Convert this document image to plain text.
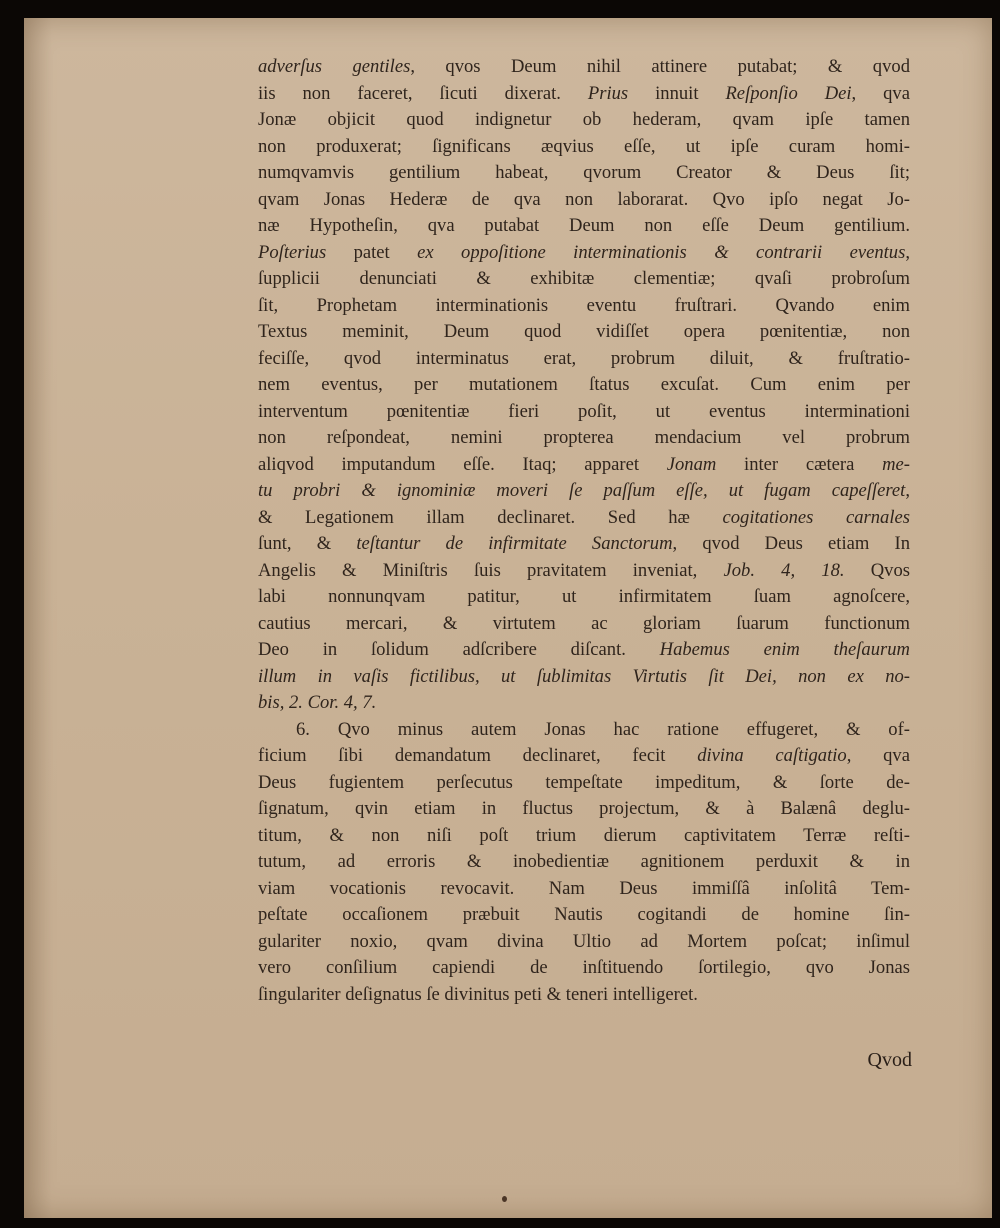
adverſus gentiles, qvos Deum nihil attinere putabat; & qvod
iis non faceret, ſicuti dixerat. Prius innuit Reſponſio Dei, qva
Jonæ objicit quod indignetur ob hederam, qvam ipſe tamen
non produxerat; ſignificans æqvius eſſe, ut ipſe curam homi-
numqvamvis gentilium habeat, qvorum Creator & Deus ſit;
qvam Jonas Hederæ de qva non laborarat. Qvo ipſo negat Jo-
næ Hypotheſin, qva putabat Deum non eſſe Deum gentilium.
Poſterius patet ex oppoſitione interminationis & contrarii eventus,
ſupplicii denunciati & exhibitæ clementiæ; qvaſi probroſum
ſit, Prophetam interminationis eventu fruſtrari. Qvando enim
Textus meminit, Deum quod vidiſſet opera pœnitentiæ, non
feciſſe, qvod interminatus erat, probrum diluit, & fruſtratio-
nem eventus, per mutationem ſtatus excuſat. Cum enim per
interventum pœnitentiæ fieri poſit, ut eventus interminationi
non reſpondeat, nemini propterea mendacium vel probrum
aliqvod imputandum eſſe. Itaq; apparet Jonam inter cætera me-
tu probri & ignominiæ moveri ſe paſſum eſſe, ut fugam capeſſeret,
& Legationem illam declinaret. Sed hæ cogitationes carnales
ſunt, & teſtantur de infirmitate Sanctorum, qvod Deus etiam In
Angelis & Miniſtris ſuis pravitatem inveniat, Job. 4, 18. Qvos
labi nonnunqvam patitur, ut infirmitatem ſuam agnoſcere,
cautius mercari, & virtutem ac gloriam ſuarum functionum
Deo in ſolidum adſcribere diſcant. Habemus enim theſaurum
illum in vaſis fictilibus, ut ſublimitas Virtutis ſit Dei, non ex no-
bis, 2. Cor. 4, 7.
6. Qvo minus autem Jonas hac ratione effugeret, & of-
ficium ſibi demandatum declinaret, fecit divina caſtigatio, qva
Deus fugientem perſecutus tempeſtate impeditum, & ſorte de-
ſignatum, qvin etiam in fluctus projectum, & à Balænâ deglu-
titum, & non niſi poſt trium dierum captivitatem Terræ reſti-
tutum, ad erroris & inobedientiæ agnitionem perduxit & in
viam vocationis revocavit. Nam Deus immiſſâ inſolitâ Tem-
peſtate occaſionem præbuit Nautis cogitandi de homine ſin-
gulariter noxio, qvam divina Ultio ad Mortem poſcat; inſimul
vero conſilium capiendi de inſtituendo ſortilegio, qvo Jonas
ſingulariter deſignatus ſe divinitus peti & teneri intelligeret.
Qvod
